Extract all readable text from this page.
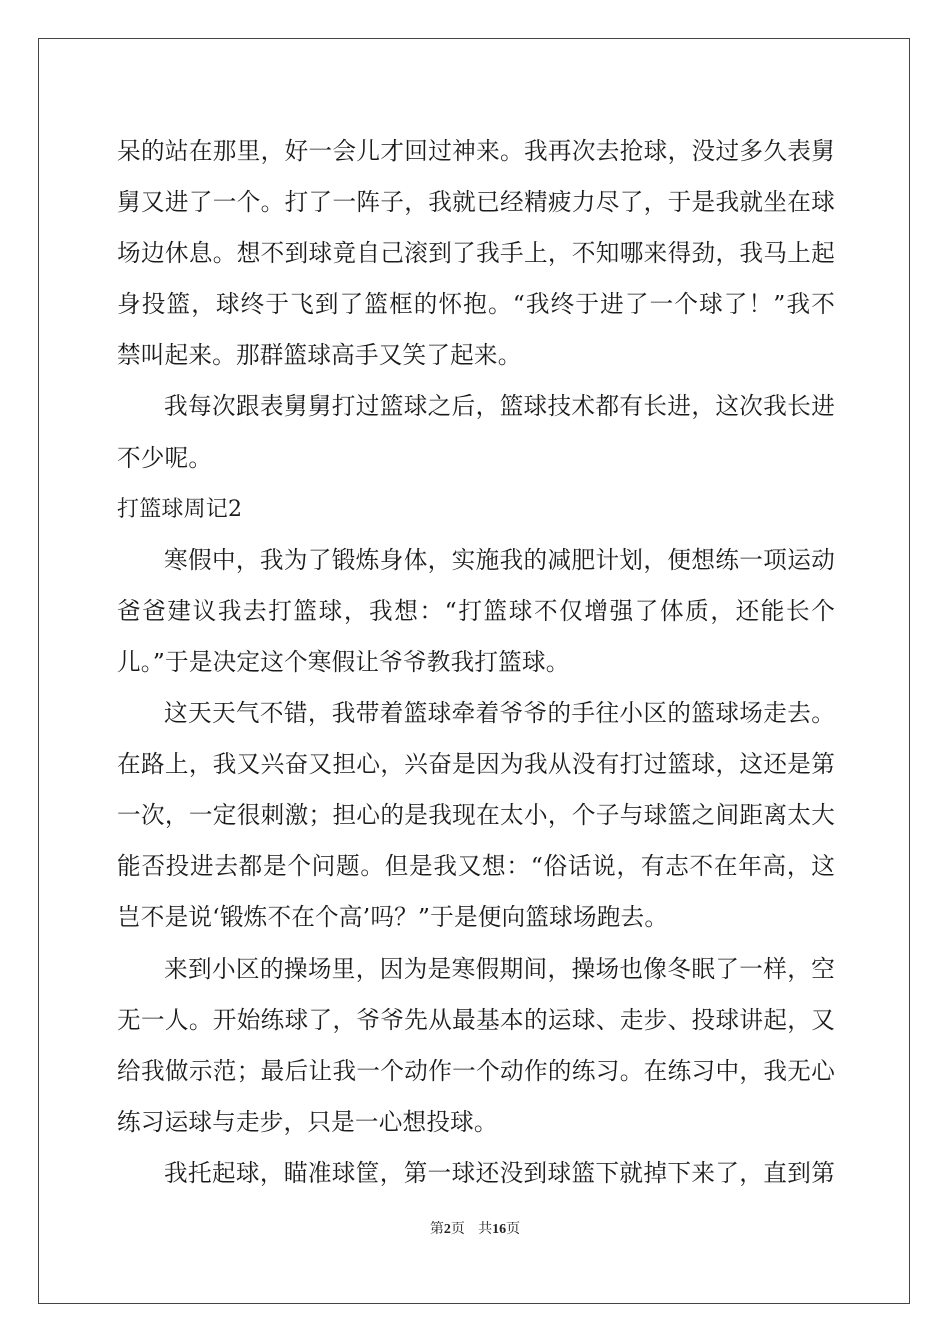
呆的站在那里，好一会儿才回过神来。我再次去抢球，没过多久表舅
舅又进了一个。打了一阵子，我就已经精疲力尽了，于是我就坐在球
场边休息。想不到球竟自己滚到了我手上，不知哪来得劲，我马上起
身投篮，球终于飞到了篮框的怀抱。“我终于进了一个球了！”我不
禁叫起来。那群篮球高手又笑了起来。
我每次跟表舅舅打过篮球之后，篮球技术都有长进，这次我长进
不少呢。
打篮球周记2
寒假中，我为了锻炼身体，实施我的减肥计划，便想练一项运动
爸爸建议我去打篮球，我想：“打篮球不仅增强了体质，还能长个
儿。”于是决定这个寒假让爷爷教我打篮球。
这天天气不错，我带着篮球牵着爷爷的手往小区的篮球场走去。
在路上，我又兴奋又担心，兴奋是因为我从没有打过篮球，这还是第
一次，一定很刺激；担心的是我现在太小，个子与球篮之间距离太大
能否投进去都是个问题。但是我又想：“俗话说，有志不在年高，这
岂不是说‘锻炼不在个高’吗？”于是便向篮球场跑去。
来到小区的操场里，因为是寒假期间，操场也像冬眠了一样，空
无一人。开始练球了，爷爷先从最基本的运球、走步、投球讲起，又
给我做示范；最后让我一个动作一个动作的练习。在练习中，我无心
练习运球与走步，只是一心想投球。
我托起球，瞄准球筐，第一球还没到球篮下就掉下来了，直到第
第2页 共16页
